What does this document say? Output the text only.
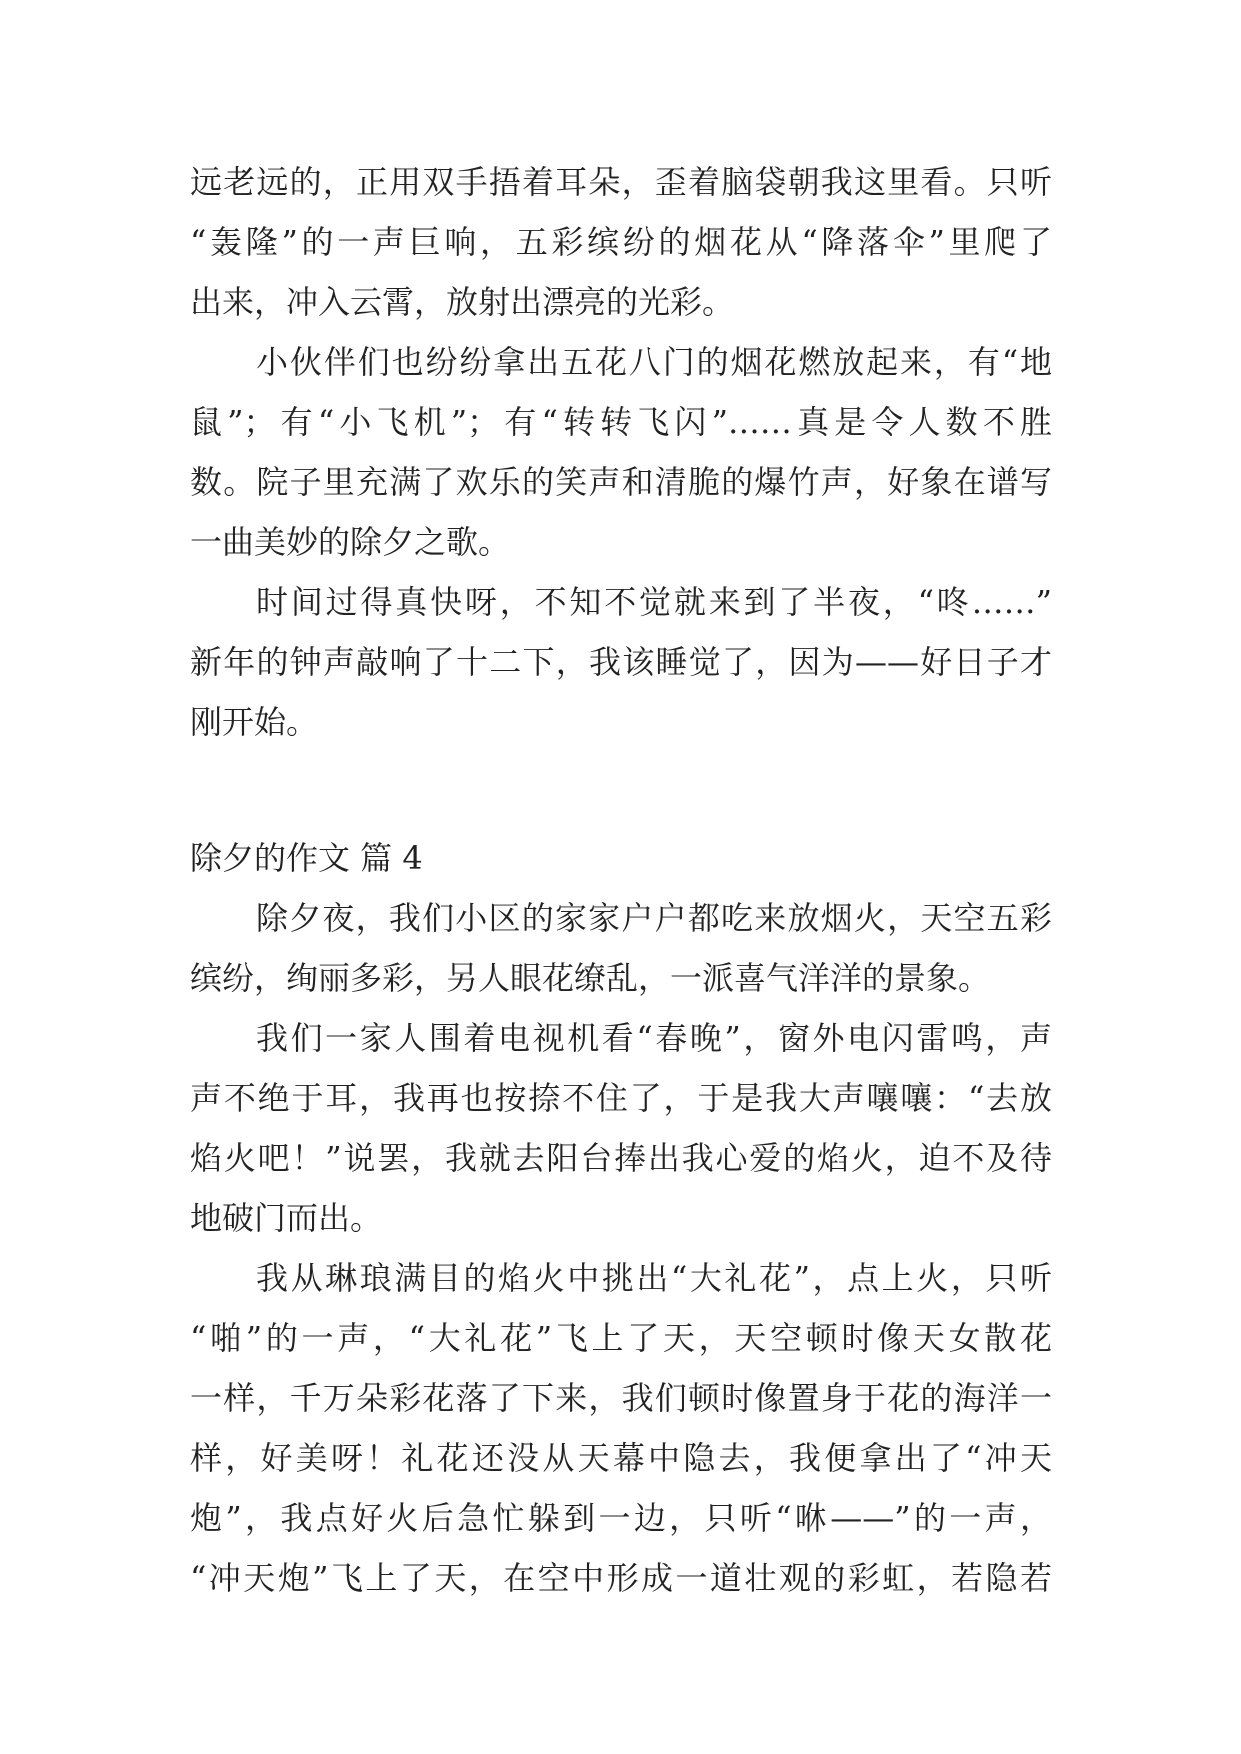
远老远的，正用双手捂着耳朵，歪着脑袋朝我这里看。只听
“轰隆”的一声巨响，五彩缤纷的烟花从“降落伞”里爬了
出来，冲入云霄，放射出漂亮的光彩。
小伙伴们也纷纷拿出五花八门的烟花燃放起来，有“地
鼠”；有“小飞机”；有“转转飞闪”……真是令人数不胜
数。院子里充满了欢乐的笑声和清脆的爆竹声，好象在谱写
一曲美妙的除夕之歌。
时间过得真快呀，不知不觉就来到了半夜，“咚……”
新年的钟声敲响了十二下，我该睡觉了，因为——好日子才
刚开始。
除夕的作文 篇 4
除夕夜，我们小区的家家户户都吃来放烟火，天空五彩
缤纷，绚丽多彩，另人眼花缭乱，一派喜气洋洋的景象。
我们一家人围着电视机看“春晚”，窗外电闪雷鸣，声
声不绝于耳，我再也按捺不住了，于是我大声嚷嚷：“去放
焰火吧！”说罢，我就去阳台捧出我心爱的焰火，迫不及待
地破门而出。
我从琳琅满目的焰火中挑出“大礼花”，点上火，只听
“啪”的一声，“大礼花”飞上了天，天空顿时像天女散花
一样，千万朵彩花落了下来，我们顿时像置身于花的海洋一
样，好美呀！礼花还没从天幕中隐去，我便拿出了“冲天
炮”，我点好火后急忙躲到一边，只听“咻——”的一声，
“冲天炮”飞上了天，在空中形成一道壮观的彩虹，若隐若
